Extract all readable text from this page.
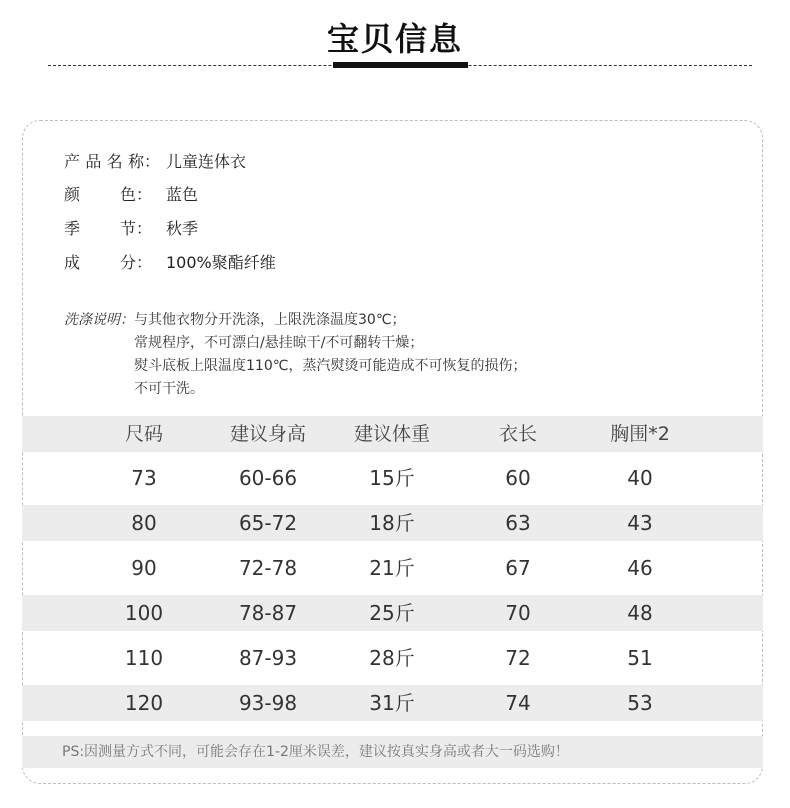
宝贝信息
产 品 名 称 ： 儿童连体衣
颜 色 ： 蓝色
季 节 ： 秋季
成 分 ： 100%聚酯纤维
洗涤说明： 与其他衣物分开洗涤，上限洗涤温度30℃；
常规程序，不可漂白/悬挂晾干/不可翻转干燥；
熨斗底板上限温度110℃，蒸汽熨烫可能造成不可恢复的损伤；
不可干洗。
尺码	建议身高	建议体重	衣长	胸围*2
73	60-66	15斤	60	40
80	65-72	18斤	63	43
90	72-78	21斤	67	46
100	78-87	25斤	70	48
110	87-93	28斤	72	51
120	93-98	31斤	74	53
PS:因测量方式不同，可能会存在1-2厘米误差，建议按真实身高或者大一码选购！
